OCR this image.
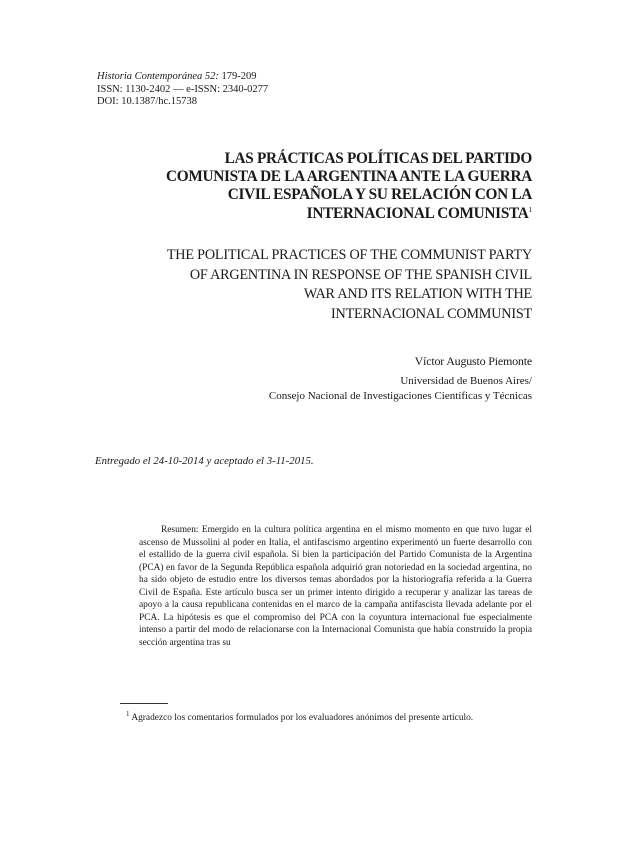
Historia Contemporánea 52: 179-209
ISSN: 1130-2402 — e-ISSN: 2340-0277
DOI: 10.1387/hc.15738
LAS PRÁCTICAS POLÍTICAS DEL PARTIDO
COMUNISTA DE LA ARGENTINA ANTE LA GUERRA
CIVIL ESPAÑOLA Y SU RELACIÓN CON LA
INTERNACIONAL COMUNISTA$^1$
THE POLITICAL PRACTICES OF THE COMMUNIST PARTY
OF ARGENTINA IN RESPONSE OF THE SPANISH CIVIL
WAR AND ITS RELATION WITH THE
INTERNACIONAL COMMUNIST
Víctor Augusto Piemonte
Universidad de Buenos Aires/
Consejo Nacional de Investigaciones Científicas y Técnicas
Entregado el 24-10-2014 y aceptado el 3-11-2015.
Resumen: Emergido en la cultura política argentina en el mismo momento en que tuvo lugar el ascenso de Mussolini al poder en Italia, el antifascismo argentino experimentó un fuerte desarrollo con el estallido de la guerra civil española. Si bien la participación del Partido Comunista de la Argentina (PCA) en favor de la Segunda República española adquirió gran notoriedad en la sociedad argentina, no ha sido objeto de estudio entre los diversos temas abordados por la historiografía referida a la Guerra Civil de España. Este artículo busca ser un primer intento dirigido a recuperar y analizar las tareas de apoyo a la causa republicana contenidas en el marco de la campaña antifascista llevada adelante por el PCA. La hipótesis es que el compromiso del PCA con la coyuntura internacional fue especialmente intenso a partir del modo de relacionarse con la Internacional Comunista que había construido la propia sección argentina tras su
$^1$ Agradezco los comentarios formulados por los evaluadores anónimos del presente artículo.
